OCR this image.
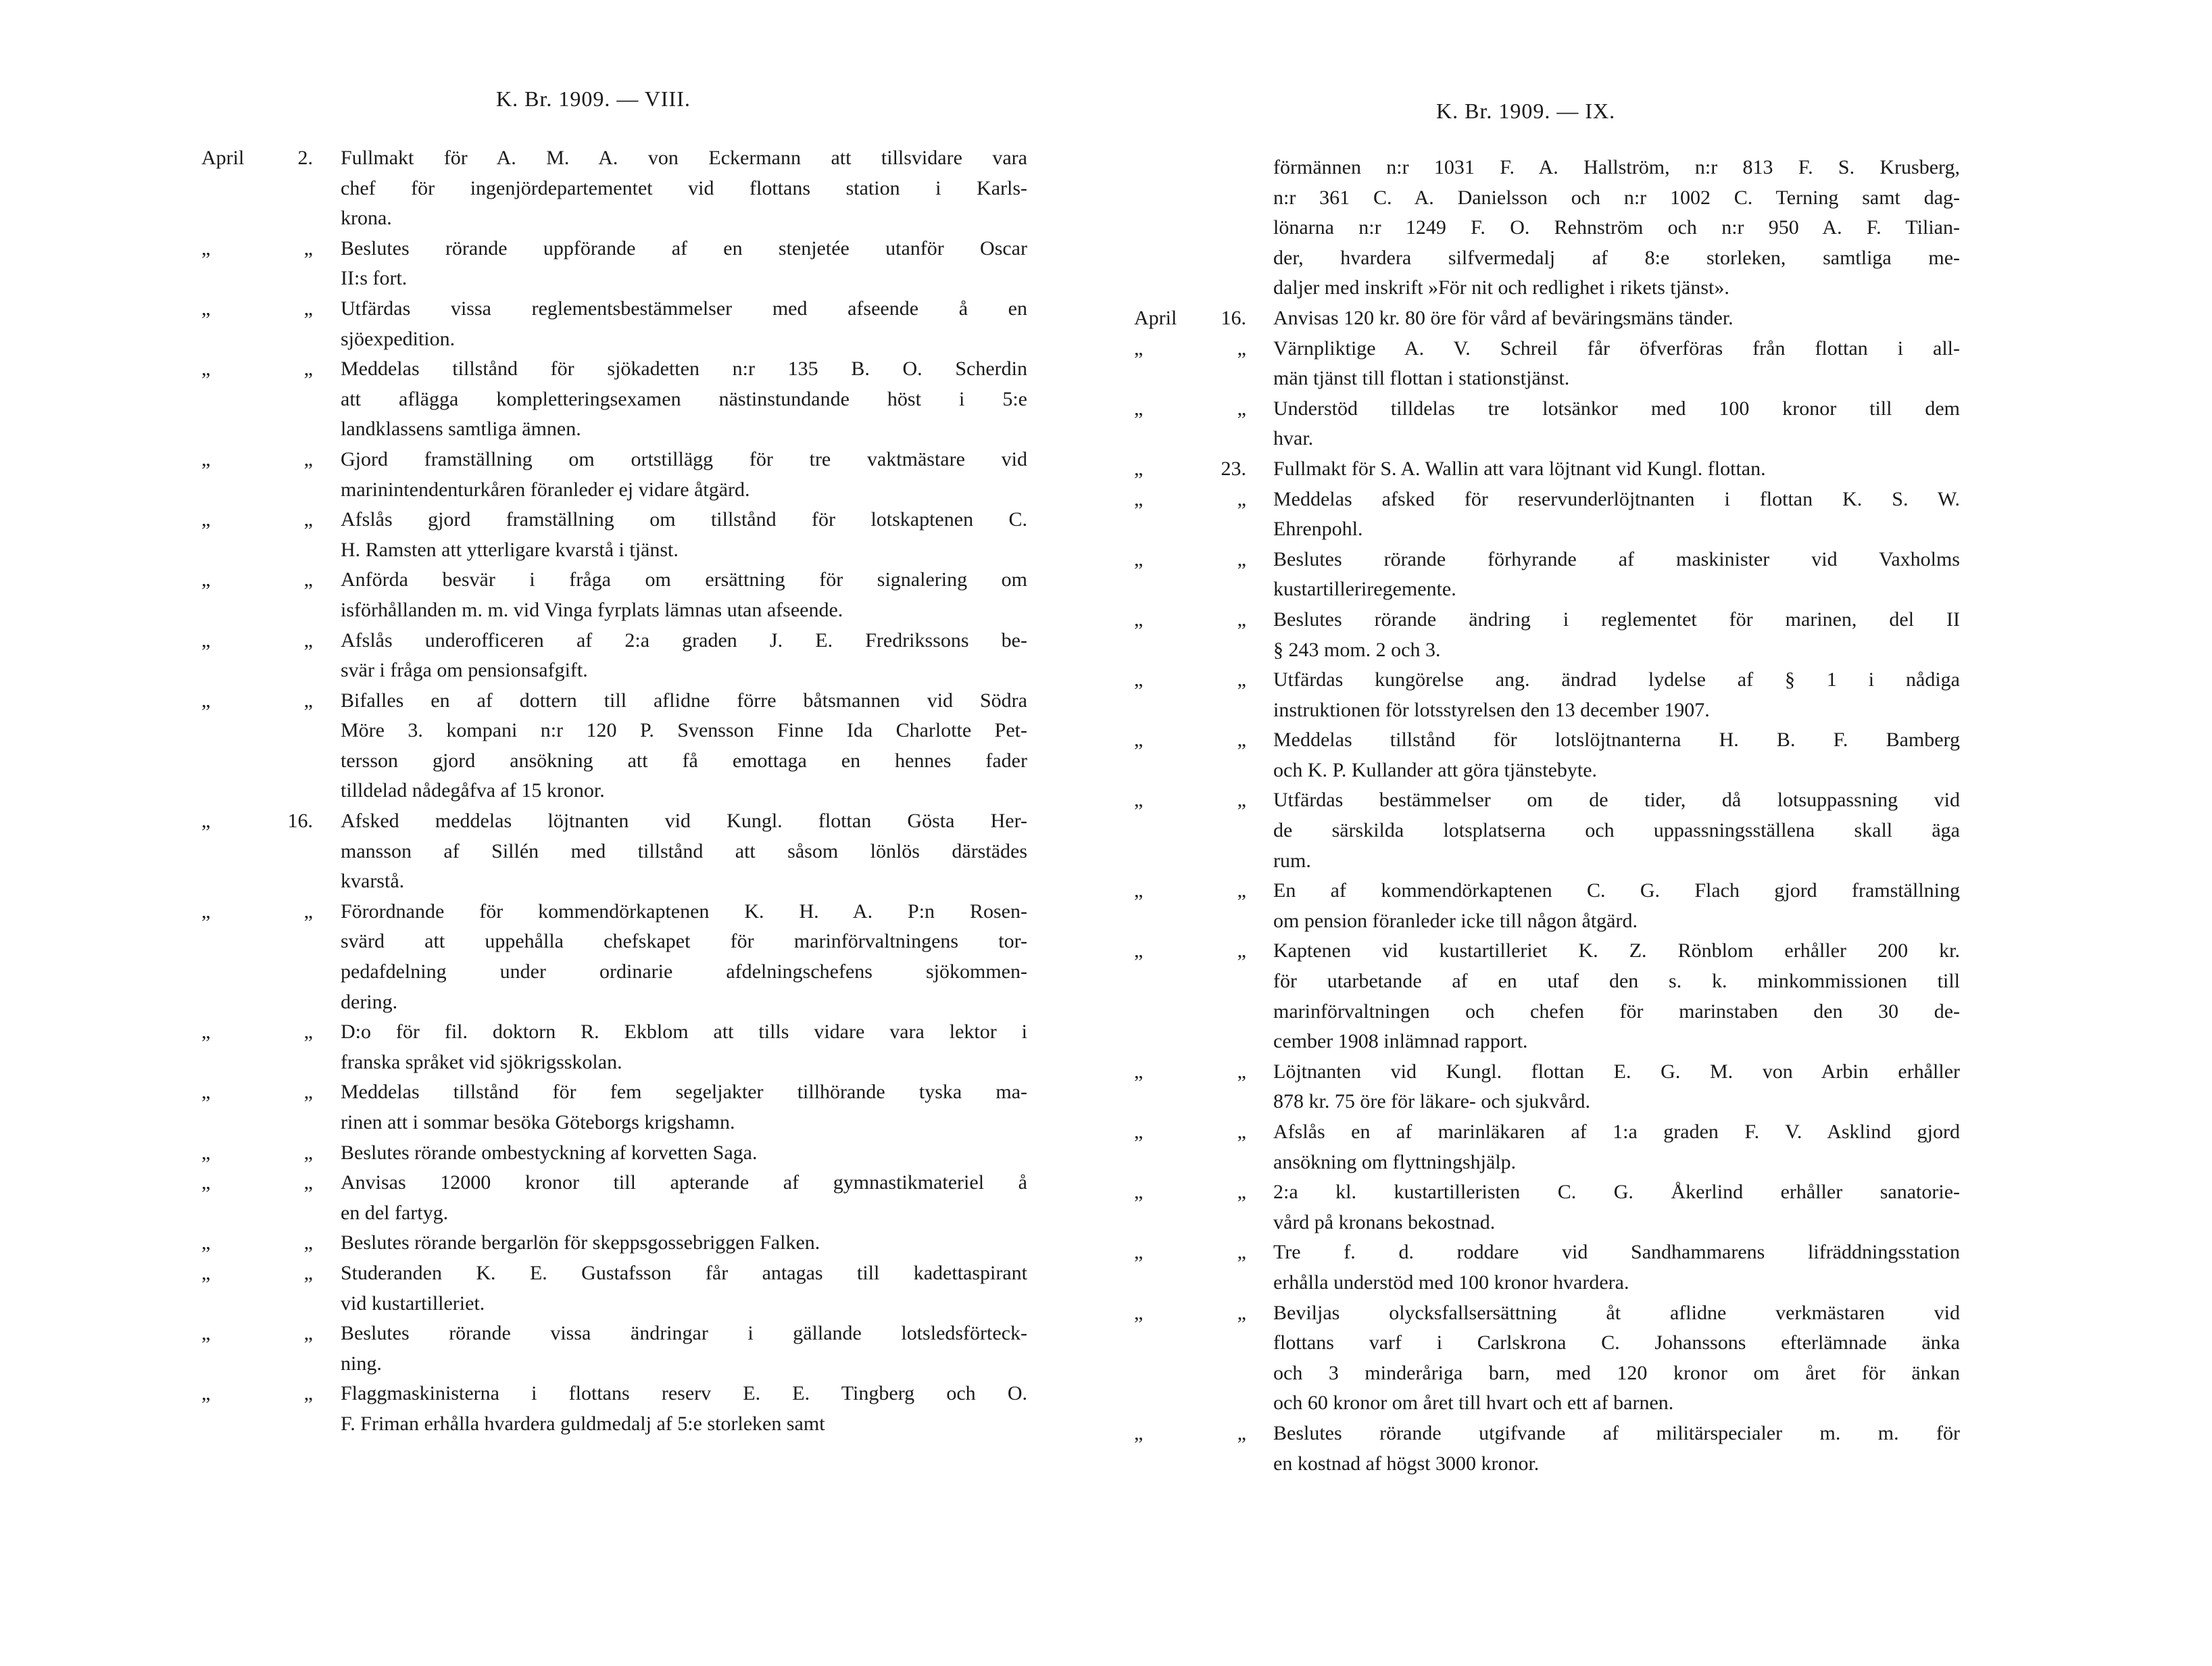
K. Br. 1909. — VIII.
April	2. Fullmakt för A. M. A. von Eckermann att tillsvidare vara
chef för ingenjördepartementet vid flottans station i Karls-
krona.
„	„ Beslutes rörande uppförande af en stenjetée utanför Oscar
II:s fort.
„	„ Utfärdas vissa reglementsbestämmelser med afseende å en
sjöexpedition.
„	„ Meddelas tillstånd för sjökadetten n:r 135 B. O. Scherdin
att aflägga kompletteringsexamen nästinstundande höst i 5:e
landklassens samtliga ämnen.
„	„ Gjord framställning om ortstillägg för tre vaktmästare vid
marinintendenturkåren föranleder ej vidare åtgärd.
„	„ Afslås gjord framställning om tillstånd för lotskaptenen C.
H. Ramsten att ytterligare kvarstå i tjänst.
„	„ Anförda besvär i fråga om ersättning för signalering om
isförhållanden m. m. vid Vinga fyrplats lämnas utan afseende.
„	„ Afslås underofficeren af 2:a graden J. E. Fredrikssons be-
svär i fråga om pensionsafgift.
„	„ Bifalles en af dottern till aflidne förre båtsmannen vid Södra
Möre 3. kompani n:r 120 P. Svensson Finne Ida Charlotte Pet-
tersson gjord ansökning att få emottaga en hennes fader
tilldelad nådegåfva af 15 kronor.
„	16. Afsked meddelas löjtnanten vid Kungl. flottan Gösta Her-
mansson af Sillén med tillstånd att såsom lönlös därstädes
kvarstå.
„	„ Förordnande för kommendörkaptenen K. H. A. P:n Rosen-
svärd att uppehålla chefskapet för marinförvaltningens tor-
pedafdelning under ordinarie afdelningschefens sjökommen-
dering.
„	„ D:o för fil. doktorn R. Ekblom att tills vidare vara lektor i
franska språket vid sjökrigsskolan.
„	„ Meddelas tillstånd för fem segeljakter tillhörande tyska ma-
rinen att i sommar besöka Göteborgs krigshamn.
„	„ Beslutes rörande ombestyckning af korvetten Saga.
„	„ Anvisas 12000 kronor till apterande af gymnastikmateriel å
en del fartyg.
„	„ Beslutes rörande bergarlön för skeppsgossebriggen Falken.
„	„ Studeranden K. E. Gustafsson får antagas till kadettaspirant
vid kustartilleriet.
„	„ Beslutes rörande vissa ändringar i gällande lotsledsförteck-
ning.
„	„ Flaggmaskinisterna i flottans reserv E. E. Tingberg och O.
F. Friman erhålla hvardera guldmedalj af 5:e storleken samt
K. Br. 1909. — IX.
förmännen n:r 1031 F. A. Hallström, n:r 813 F. S. Krusberg,
n:r 361 C. A. Danielsson och n:r 1002 C. Terning samt dag-
lönarna n:r 1249 F. O. Rehnström och n:r 950 A. F. Tilian-
der, hvardera silfvermedalj af 8:e storleken, samtliga me-
daljer med inskrift »För nit och redlighet i rikets tjänst».
April 16. Anvisas 120 kr. 80 öre för vård af beväringsmäns tänder.
„	„ Värnpliktige A. V. Schreil får öfverföras från flottan i all-
män tjänst till flottan i stationstjänst.
„	„ Understöd tilldelas tre lotsänkor med 100 kronor till dem
hvar.
„	23. Fullmakt för S. A. Wallin att vara löjtnant vid Kungl. flottan.
„	„ Meddelas afsked för reservunderlöjtnanten i flottan K. S. W.
Ehrenpohl.
„	„ Beslutes rörande förhyrande af maskinister vid Vaxholms
kustartilleriregemente.
„	„ Beslutes rörande ändring i reglementet för marinen, del II
§ 243 mom. 2 och 3.
„	„ Utfärdas kungörelse ang. ändrad lydelse af § 1 i nådiga
instruktionen för lotsstyrelsen den 13 december 1907.
„	„ Meddelas tillstånd för lotslöjtnanterna H. B. F. Bamberg
och K. P. Kullander att göra tjänstebyte.
„	„ Utfärdas bestämmelser om de tider, då lotsuppassning vid
de särskilda lotsplatserna och uppassningsställena skall äga
rum.
„	„ En af kommendörkaptenen C. G. Flach gjord framställning
om pension föranleder icke till någon åtgärd.
„	„ Kaptenen vid kustartilleriet K. Z. Rönblom erhåller 200 kr.
för utarbetande af en utaf den s. k. minkommissionen till
marinförvaltningen och chefen för marinstaben den 30 de-
cember 1908 inlämnad rapport.
„	„ Löjtnanten vid Kungl. flottan E. G. M. von Arbin erhåller
878 kr. 75 öre för läkare- och sjukvård.
„	„ Afslås en af marinläkaren af 1:a graden F. V. Asklind gjord
ansökning om flyttningshjälp.
„	„ 2:a kl. kustartilleristen C. G. Åkerlind erhåller sanatorie-
vård på kronans bekostnad.
„	„ Tre f. d. roddare vid Sandhammarens lifräddningsstation
erhålla understöd med 100 kronor hvardera.
„	„ Beviljas olycksfallsersättning åt aflidne verkmästaren vid
flottans varf i Carlskrona C. Johanssons efterlämnade änka
och 3 minderåriga barn, med 120 kronor om året för änkan
och 60 kronor om året till hvart och ett af barnen.
„	„ Beslutes rörande utgifvande af militärspecialer m. m. för
en kostnad af högst 3000 kronor.
